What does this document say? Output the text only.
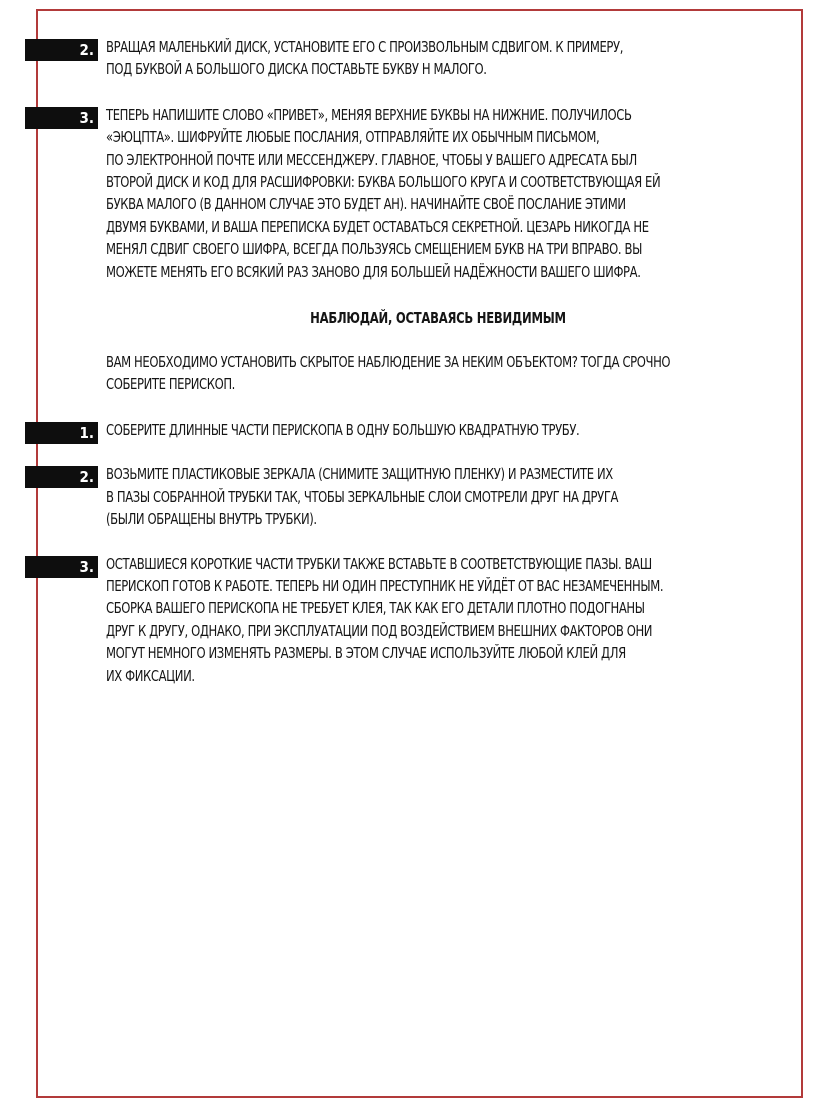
2. ВРАЩАЯ МАЛЕНЬКИЙ ДИСК, УСТАНОВИТЕ ЕГО С ПРОИЗВОЛЬНЫМ СДВИГОМ. К ПРИМЕРУ,
ПОД БУКВОЙ А БОЛЬШОГО ДИСКА ПОСТАВЬТЕ БУКВУ Н МАЛОГО.
3. ТЕПЕРЬ НАПИШИТЕ СЛОВО «ПРИВЕТ», МЕНЯЯ ВЕРХНИЕ БУКВЫ НА НИЖНИЕ. ПОЛУЧИЛОСЬ
«ЭЮЦПТА». ШИФРУЙТЕ ЛЮБЫЕ ПОСЛАНИЯ, ОТПРАВЛЯЙТЕ ИХ ОБЫЧНЫМ ПИСЬМОМ,
ПО ЭЛЕКТРОННОЙ ПОЧТЕ ИЛИ МЕССЕНДЖЕРУ. ГЛАВНОЕ, ЧТОБЫ У ВАШЕГО АДРЕСАТА БЫЛ
ВТОРОЙ ДИСК И КОД ДЛЯ РАСШИФРОВКИ: БУКВА БОЛЬШОГО КРУГА И СООТВЕТСТВУЮЩАЯ ЕЙ
БУКВА МАЛОГО (В ДАННОМ СЛУЧАЕ ЭТО БУДЕТ АН). НАЧИНАЙТЕ СВОЁ ПОСЛАНИЕ ЭТИМИ
ДВУМЯ БУКВАМИ, И ВАША ПЕРЕПИСКА БУДЕТ ОСТАВАТЬСЯ СЕКРЕТНОЙ. ЦЕЗАРЬ НИКОГДА НЕ
МЕНЯЛ СДВИГ СВОЕГО ШИФРА, ВСЕГДА ПОЛЬЗУЯСЬ СМЕЩЕНИЕМ БУКВ НА ТРИ ВПРАВО. ВЫ
МОЖЕТЕ МЕНЯТЬ ЕГО ВСЯКИЙ РАЗ ЗАНОВО ДЛЯ БОЛЬШЕЙ НАДЁЖНОСТИ ВАШЕГО ШИФРА.
НАБЛЮДАЙ, ОСТАВАЯСЬ НЕВИДИМЫМ
ВАМ НЕОБХОДИМО УСТАНОВИТЬ СКРЫТОЕ НАБЛЮДЕНИЕ ЗА НЕКИМ ОБЪЕКТОМ? ТОГДА СРОЧНО
СОБЕРИТЕ ПЕРИСКОП.
1. СОБЕРИТЕ ДЛИННЫЕ ЧАСТИ ПЕРИСКОПА В ОДНУ БОЛЬШУЮ КВАДРАТНУЮ ТРУБУ.
2. ВОЗЬМИТЕ ПЛАСТИКОВЫЕ ЗЕРКАЛА (СНИМИТЕ ЗАЩИТНУЮ ПЛЕНКУ) И РАЗМЕСТИТЕ ИХ
В ПАЗЫ СОБРАННОЙ ТРУБКИ ТАК, ЧТОБЫ ЗЕРКАЛЬНЫЕ СЛОИ СМОТРЕЛИ ДРУГ НА ДРУГА
(БЫЛИ ОБРАЩЕНЫ ВНУТРЬ ТРУБКИ).
3. ОСТАВШИЕСЯ КОРОТКИЕ ЧАСТИ ТРУБКИ ТАКЖЕ ВСТАВЬТЕ В СООТВЕТСТВУЮЩИЕ ПАЗЫ. ВАШ
ПЕРИСКОП ГОТОВ К РАБОТЕ. ТЕПЕРЬ НИ ОДИН ПРЕСТУПНИК НЕ УЙДЁТ ОТ ВАС НЕЗАМЕЧЕННЫМ.
СБОРКА ВАШЕГО ПЕРИСКОПА НЕ ТРЕБУЕТ КЛЕЯ, ТАК КАК ЕГО ДЕТАЛИ ПЛОТНО ПОДОГНАНЫ
ДРУГ К ДРУГУ, ОДНАКО, ПРИ ЭКСПЛУАТАЦИИ ПОД ВОЗДЕЙСТВИЕМ ВНЕШНИХ ФАКТОРОВ ОНИ
МОГУТ НЕМНОГО ИЗМЕНЯТЬ РАЗМЕРЫ. В ЭТОМ СЛУЧАЕ ИСПОЛЬЗУЙТЕ ЛЮБОЙ КЛЕЙ ДЛЯ
ИХ ФИКСАЦИИ.
